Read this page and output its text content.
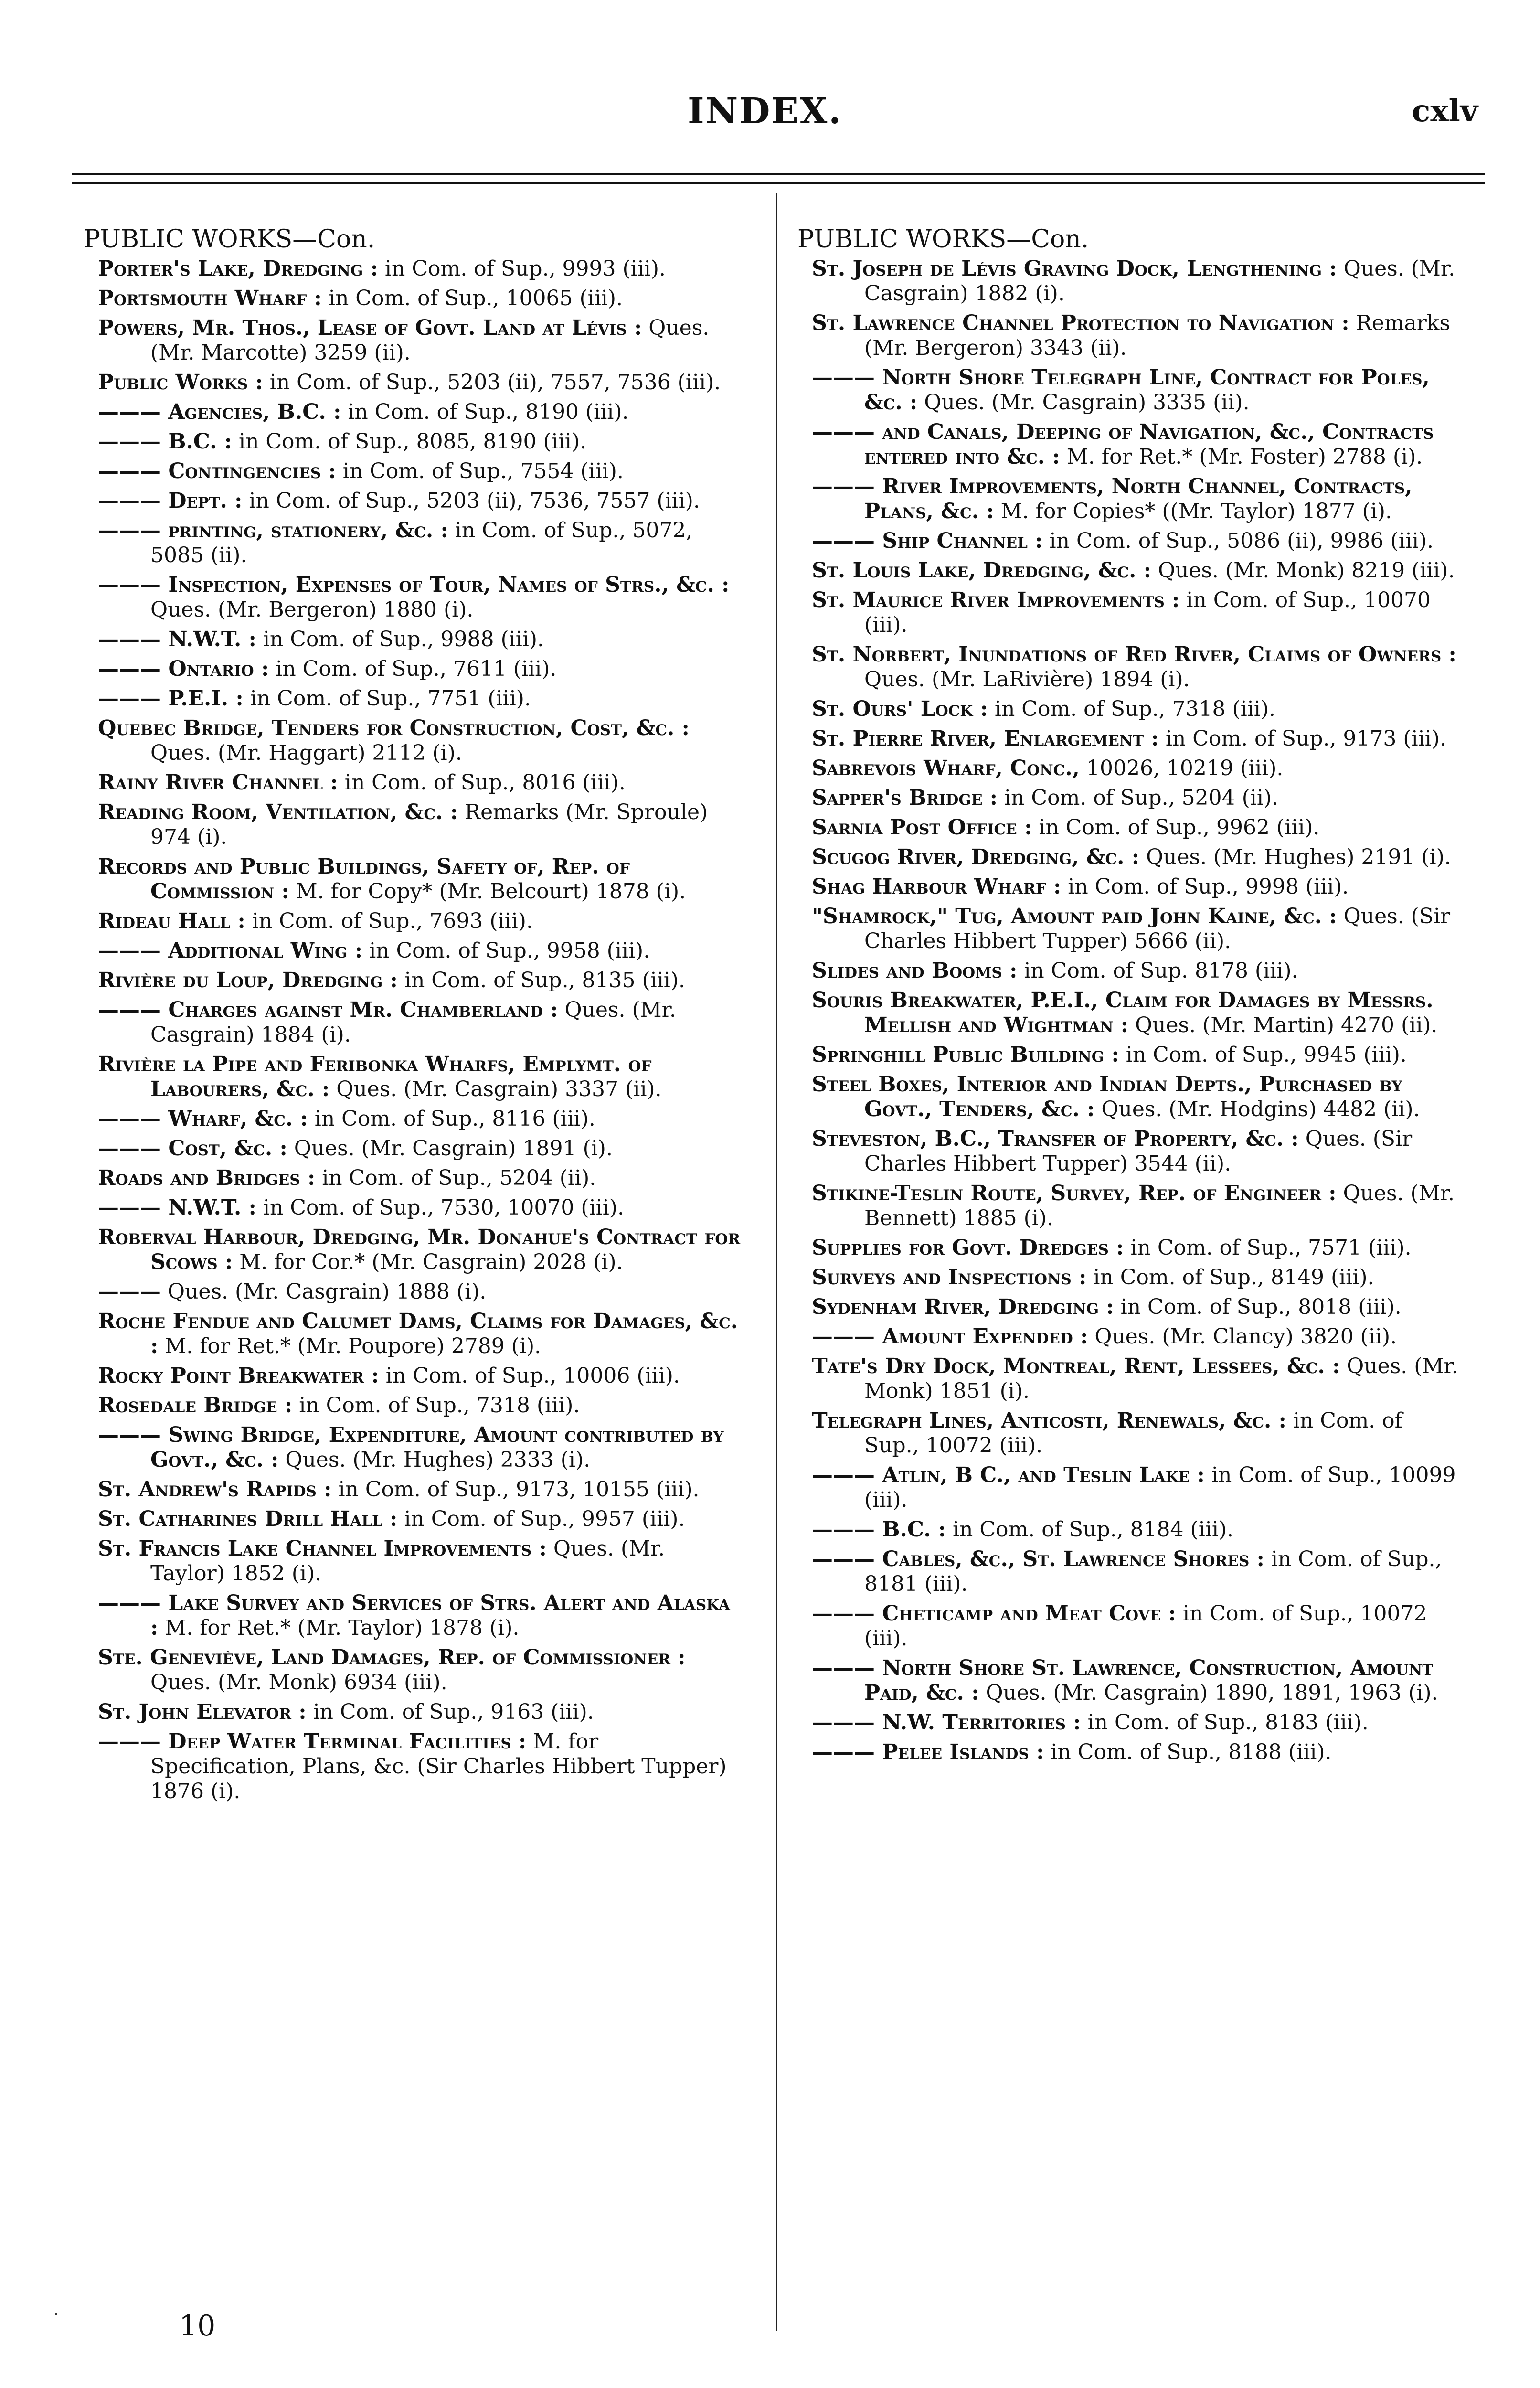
INDEX.	cxlv
PUBLIC WORKS—Con.
Porter's Lake, Dredging : in Com. of Sup., 9993 (iii).
Portsmouth Wharf : in Com. of Sup., 10065 (iii).
Powers, Mr. Thos., Lease of Govt. Land at Lévis : Ques. (Mr. Marcotte) 3259 (ii).
Public Works : in Com. of Sup., 5203 (ii), 7557, 7536 (iii).
——— Agencies, B.C. : in Com. of Sup., 8190 (iii).
——— B.C. : in Com. of Sup., 8085, 8190 (iii).
——— Contingencies : in Com. of Sup., 7554 (iii).
——— Dept. : in Com. of Sup., 5203 (ii), 7536, 7557 (iii).
——— printing, stationery, &c. : in Com. of Sup., 5072, 5085 (ii).
——— Inspection, Expenses of Tour, Names of Strs., &c. : Ques. (Mr. Bergeron) 1880 (i).
——— N.W.T. : in Com. of Sup., 9988 (iii).
——— Ontario : in Com. of Sup., 7611 (iii).
——— P.E.I. : in Com. of Sup., 7751 (iii).
Quebec Bridge, Tenders for Construction, Cost, &c. : Ques. (Mr. Haggart) 2112 (i).
Rainy River Channel : in Com. of Sup., 8016 (iii).
Reading Room, Ventilation, &c. : Remarks (Mr. Sproule) 974 (i).
Records and Public Buildings, Safety of, Rep. of Commission : M. for Copy* (Mr. Belcourt) 1878 (i).
Rideau Hall : in Com. of Sup., 7693 (iii).
——— Additional Wing : in Com. of Sup., 9958 (iii).
Rivière du Loup, Dredging : in Com. of Sup., 8135 (iii).
——— Charges against Mr. Chamberland : Ques. (Mr. Casgrain) 1884 (i).
Rivière la Pipe and Feribonka Wharfs, Emplymt. of Labourers, &c. : Ques. (Mr. Casgrain) 3337 (ii).
——— Wharf, &c. : in Com. of Sup., 8116 (iii).
——— Cost, &c. : Ques. (Mr. Casgrain) 1891 (i).
Roads and Bridges : in Com. of Sup., 5204 (ii).
——— N.W.T. : in Com. of Sup., 7530, 10070 (iii).
Roberval Harbour, Dredging, Mr. Donahue's Contract for Scows : M. for Cor.* (Mr. Casgrain) 2028 (i).
——— Ques. (Mr. Casgrain) 1888 (i).
Roche Fendue and Calumet Dams, Claims for Damages, &c. : M. for Ret.* (Mr. Poupore) 2789 (i).
Rocky Point Breakwater : in Com. of Sup., 10006 (iii).
Rosedale Bridge : in Com. of Sup., 7318 (iii).
——— Swing Bridge, Expenditure, Amount contributed by Govt., &c. : Ques. (Mr. Hughes) 2333 (i).
St. Andrew's Rapids : in Com. of Sup., 9173, 10155 (iii).
St. Catharines Drill Hall : in Com. of Sup., 9957 (iii).
St. Francis Lake Channel Improvements : Ques. (Mr. Taylor) 1852 (i).
——— Lake Survey and Services of Strs. Alert and Alaska : M. for Ret.* (Mr. Taylor) 1878 (i).
Ste. Geneviève, Land Damages, Rep. of Commissioner : Ques. (Mr. Monk) 6934 (iii).
St. John Elevator : in Com. of Sup., 9163 (iii).
——— Deep Water Terminal Facilities : M. for Specification, Plans, &c. (Sir Charles Hibbert Tupper) 1876 (i).
PUBLIC WORKS—Con.
St. Joseph de Lévis Graving Dock, Lengthening : Ques. (Mr. Casgrain) 1882 (i).
St. Lawrence Channel Protection to Navigation : Remarks (Mr. Bergeron) 3343 (ii).
——— North Shore Telegraph Line, Contract for Poles, &c. : Ques. (Mr. Casgrain) 3335 (ii).
——— and Canals, Deeping of Navigation, &c., Contracts entered into &c. : M. for Ret.* (Mr. Foster) 2788 (i).
——— River Improvements, North Channel, Contracts, Plans, &c. : M. for Copies* ((Mr. Taylor) 1877 (i).
——— Ship Channel : in Com. of Sup., 5086 (ii), 9986 (iii).
St. Louis Lake, Dredging, &c. : Ques. (Mr. Monk) 8219 (iii).
St. Maurice River Improvements : in Com. of Sup., 10070 (iii).
St. Norbert, Inundations of Red River, Claims of Owners : Ques. (Mr. LaRivière) 1894 (i).
St. Ours' Lock : in Com. of Sup., 7318 (iii).
St. Pierre River, Enlargement : in Com. of Sup., 9173 (iii).
Sabrevois Wharf, Conc., 10026, 10219 (iii).
Sapper's Bridge : in Com. of Sup., 5204 (ii).
Sarnia Post Office : in Com. of Sup., 9962 (iii).
Scugog River, Dredging, &c. : Ques. (Mr. Hughes) 2191 (i).
Shag Harbour Wharf : in Com. of Sup., 9998 (iii).
"Shamrock," Tug, Amount paid John Kaine, &c. : Ques. (Sir Charles Hibbert Tupper) 5666 (ii).
Slides and Booms : in Com. of Sup. 8178 (iii).
Souris Breakwater, P.E.I., Claim for Damages by Messrs. Mellish and Wightman : Ques. (Mr. Martin) 4270 (ii).
Springhill Public Building : in Com. of Sup., 9945 (iii).
Steel Boxes, Interior and Indian Depts., Purchased by Govt., Tenders, &c. : Ques. (Mr. Hodgins) 4482 (ii).
Steveston, B.C., Transfer of Property, &c. : Ques. (Sir Charles Hibbert Tupper) 3544 (ii).
Stikine-Teslin Route, Survey, Rep. of Engineer : Ques. (Mr. Bennett) 1885 (i).
Supplies for Govt. Dredges : in Com. of Sup., 7571 (iii).
Surveys and Inspections : in Com. of Sup., 8149 (iii).
Sydenham River, Dredging : in Com. of Sup., 8018 (iii).
——— Amount Expended : Ques. (Mr. Clancy) 3820 (ii).
Tate's Dry Dock, Montreal, Rent, Lessees, &c. : Ques. (Mr. Monk) 1851 (i).
Telegraph Lines, Anticosti, Renewals, &c. : in Com. of Sup., 10072 (iii).
——— Atlin, B C., and Teslin Lake : in Com. of Sup., 10099 (iii).
——— B.C. : in Com. of Sup., 8184 (iii).
——— Cables, &c., St. Lawrence Shores : in Com. of Sup., 8181 (iii).
——— Cheticamp and Meat Cove : in Com. of Sup., 10072 (iii).
——— North Shore St. Lawrence, Construction, Amount Paid, &c. : Ques. (Mr. Casgrain) 1890, 1891, 1963 (i).
——— N.W. Territories : in Com. of Sup., 8183 (iii).
——— Pelee Islands : in Com. of Sup., 8188 (iii).
10
